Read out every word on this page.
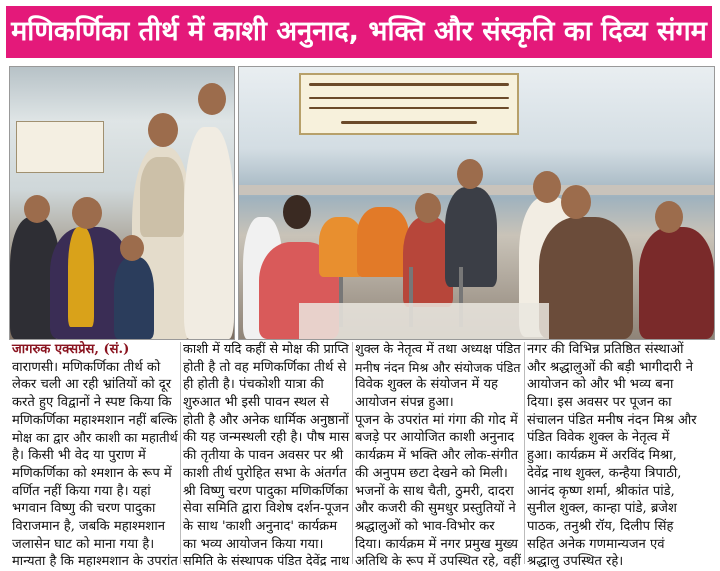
मणिकर्णिका तीर्थ में काशी अनुनाद, भक्ति और संस्कृति का दिव्य संगम
जागरुक एक्सप्रेस, (सं.)
वाराणसी। मणिकर्णिका तीर्थ को
लेकर चली आ रही भ्रांतियों को दूर
करते हुए विद्वानों ने स्पष्ट किया कि
मणिकर्णिका महाश्मशान नहीं बल्कि
मोक्ष का द्वार और काशी का महातीर्थ
है। किसी भी वेद या पुराण में
मणिकर्णिका को श्मशान के रूप में
वर्णित नहीं किया गया है। यहां
भगवान विष्णु की चरण पादुका
विराजमान है, जबकि महाश्मशान
जलासेन घाट को माना गया है।
मान्यता है कि महाश्मशान के उपरांत
काशी में यदि कहीं से मोक्ष की प्राप्ति
होती है तो वह मणिकर्णिका तीर्थ से
ही होती है। पंचकोशी यात्रा की
शुरुआत भी इसी पावन स्थल से
होती है और अनेक धार्मिक अनुष्ठानों
की यह जन्मस्थली रही है। पौष मास
की तृतीया के पावन अवसर पर श्री
काशी तीर्थ पुरोहित सभा के अंतर्गत
श्री विष्णु चरण पादुका मणिकर्णिका
सेवा समिति द्वारा विशेष दर्शन-पूजन
के साथ 'काशी अनुनाद' कार्यक्रम
का भव्य आयोजन किया गया।
समिति के संस्थापक पंडित देवेंद्र नाथ
शुक्ल के नेतृत्व में तथा अध्यक्ष पंडित
मनीष नंदन मिश्र और संयोजक पंडित
विवेक शुक्ल के संयोजन में यह
आयोजन संपन्न हुआ।
पूजन के उपरांत मां गंगा की गोद में
बजड़े पर आयोजित काशी अनुनाद
कार्यक्रम में भक्ति और लोक-संगीत
की अनुपम छटा देखने को मिली।
भजनों के साथ चैती, ठुमरी, दादरा
और कजरी की सुमधुर प्रस्तुतियों ने
श्रद्धालुओं को भाव-विभोर कर
दिया। कार्यक्रम में नगर प्रमुख मुख्य
अतिथि के रूप में उपस्थित रहे, वहीं
नगर की विभिन्न प्रतिष्ठित संस्थाओं
और श्रद्धालुओं की बड़ी भागीदारी ने
आयोजन को और भी भव्य बना
दिया। इस अवसर पर पूजन का
संचालन पंडित मनीष नंदन मिश्र और
पंडित विवेक शुक्ल के नेतृत्व में
हुआ। कार्यक्रम में अरविंद मिश्रा,
देवेंद्र नाथ शुक्ल, कन्हैया त्रिपाठी,
आनंद कृष्ण शर्मा, श्रीकांत पांडे,
सुनील शुक्ल, कान्हा पांडे, ब्रजेश
पाठक, तनुश्री रॉय, दिलीप सिंह
सहित अनेक गणमान्यजन एवं
श्रद्धालु उपस्थित रहे।
